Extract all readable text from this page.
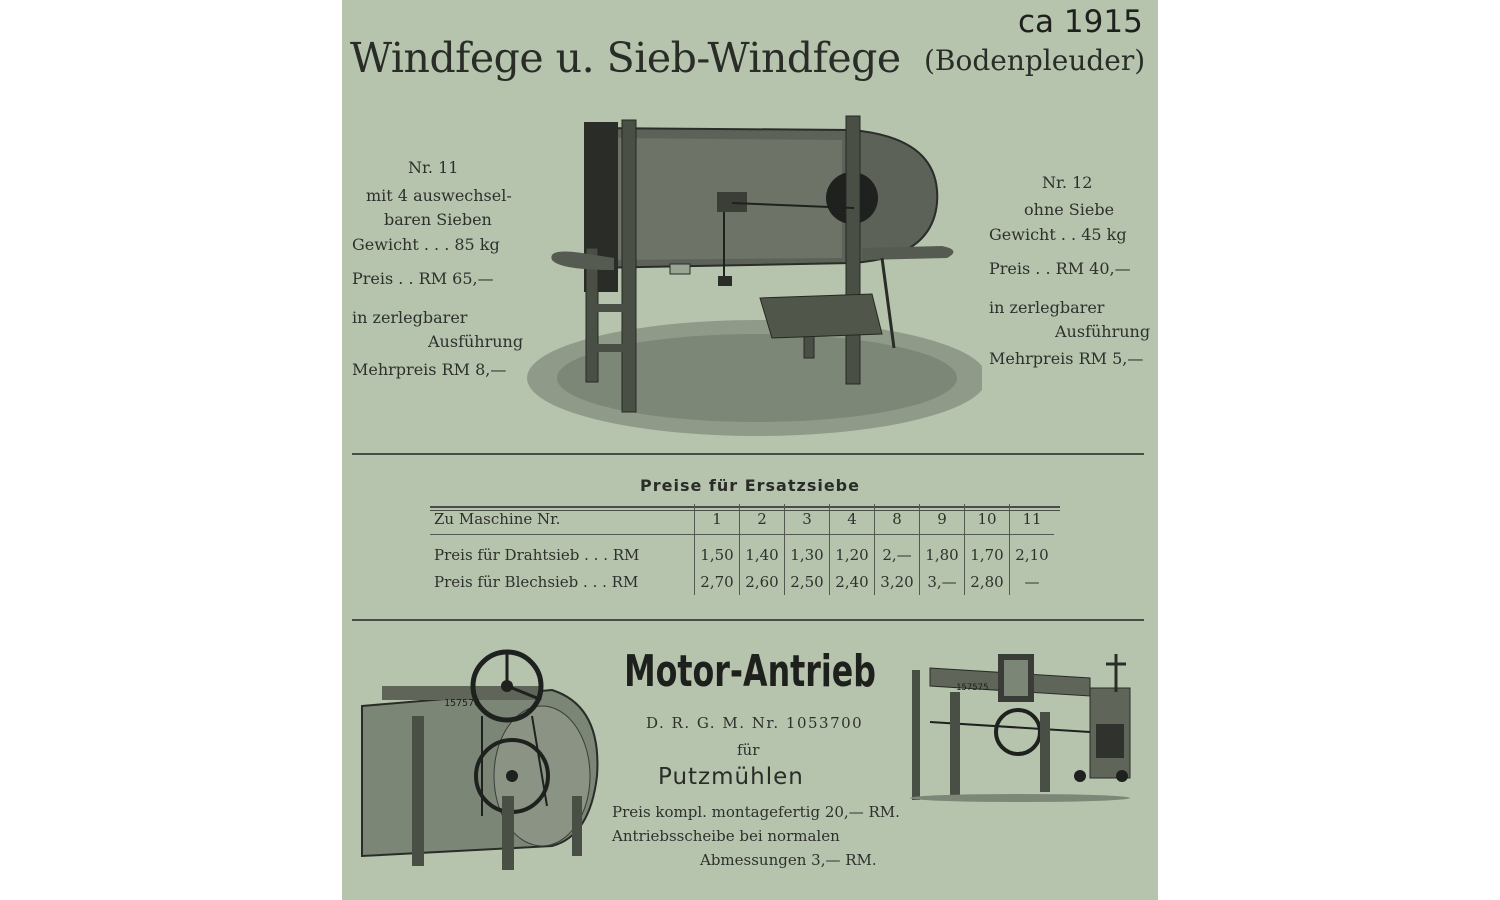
ca 1915

Windfege u. Sieb-Windfege (Bodenpleuder)

Nr. 11
mit 4 auswechsel-
baren Sieben
Gewicht . . . 85 kg
Preis . . RM 65,—
in zerlegbarer
Ausführung
Mehrpreis RM 8,—
Nr. 12
ohne Siebe
Gewicht . . 45 kg
Preis . . RM 40,—
in zerlegbarer
Ausführung
Mehrpreis RM 5,—

Preise für Ersatzsiebe

Zu Maschine Nr.	1	2	3	4	8	9	10	11
Preis für Drahtsieb . . . RM	1,50	1,40	1,30	1,20	2,—	1,80	1,70	2,10
Preis für Blechsieb . . . RM	2,70	2,60	2,50	2,40	3,20	3,—	2,80	—
157576

Motor-Antrieb

D. R. G. M. Nr. 1053700

für

Putzmühlen

Preis kompl. montagefertig 20,— RM.

Antriebsscheibe bei normalen

Abmessungen 3,— RM.

157575
